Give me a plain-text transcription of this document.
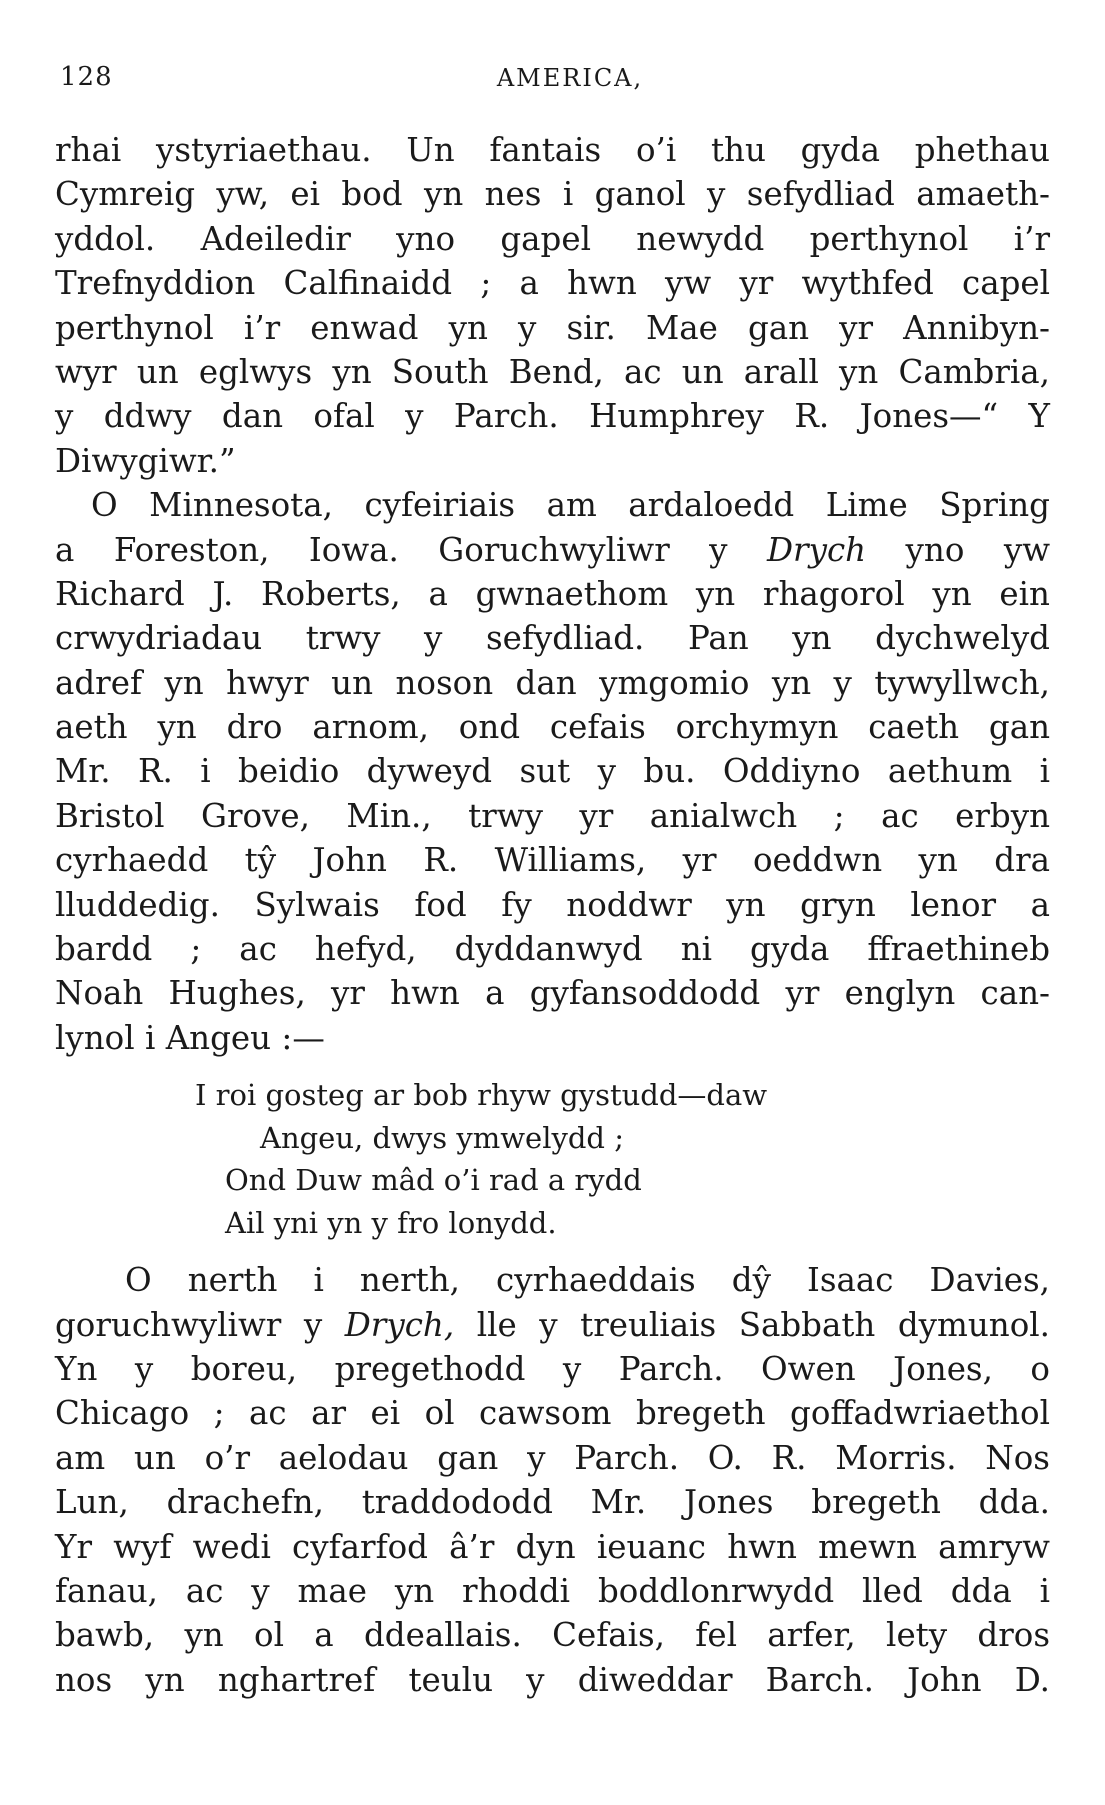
128	AMERICA,

rhai ystyriaethau. Un fantais o’i thu gyda phethau
Cymreig yw, ei bod yn nes i ganol y sefydliad amaeth-
yddol. Adeiledir yno gapel newydd perthynol i’r
Trefnyddion Calfinaidd ; a hwn yw yr wythfed capel
perthynol i’r enwad yn y sir. Mae gan yr Annibyn-
wyr un eglwys yn South Bend, ac un arall yn Cambria,
y ddwy dan ofal y Parch. Humphrey R. Jones—“ Y
Diwygiwr.”

O Minnesota, cyfeiriais am ardaloedd Lime Spring
a Foreston, Iowa. Goruchwyliwr y Drych yno yw
Richard J. Roberts, a gwnaethom yn rhagorol yn ein
crwydriadau trwy y sefydliad. Pan yn dychwelyd
adref yn hwyr un noson dan ymgomio yn y tywyllwch,
aeth yn dro arnom, ond cefais orchymyn caeth gan
Mr. R. i beidio dyweyd sut y bu. Oddiyno aethum i
Bristol Grove, Min., trwy yr anialwch ; ac erbyn
cyrhaedd tŷ John R. Williams, yr oeddwn yn dra
lluddedig. Sylwais fod fy noddwr yn gryn lenor a
bardd ; ac hefyd, dyddanwyd ni gyda ffraethineb
Noah Hughes, yr hwn a gyfansoddodd yr englyn can-
lynol i Angeu :—

I roi gosteg ar bob rhyw gystudd—daw
Angeu, dwys ymwelydd ;
Ond Duw mâd o’i rad a rydd
Ail yni yn y fro lonydd.

O nerth i nerth, cyrhaeddais dŷ Isaac Davies,
goruchwyliwr y Drych, lle y treuliais Sabbath dymunol.
Yn y boreu, pregethodd y Parch. Owen Jones, o
Chicago ; ac ar ei ol cawsom bregeth goffadwriaethol
am un o’r aelodau gan y Parch. O. R. Morris. Nos
Lun, drachefn, traddododd Mr. Jones bregeth dda.
Yr wyf wedi cyfarfod â’r dyn ieuanc hwn mewn amryw
fanau, ac y mae yn rhoddi boddlonrwydd lled dda i
bawb, yn ol a ddeallais. Cefais, fel arfer, lety dros
nos yn nghartref teulu y diweddar Barch. John D.
